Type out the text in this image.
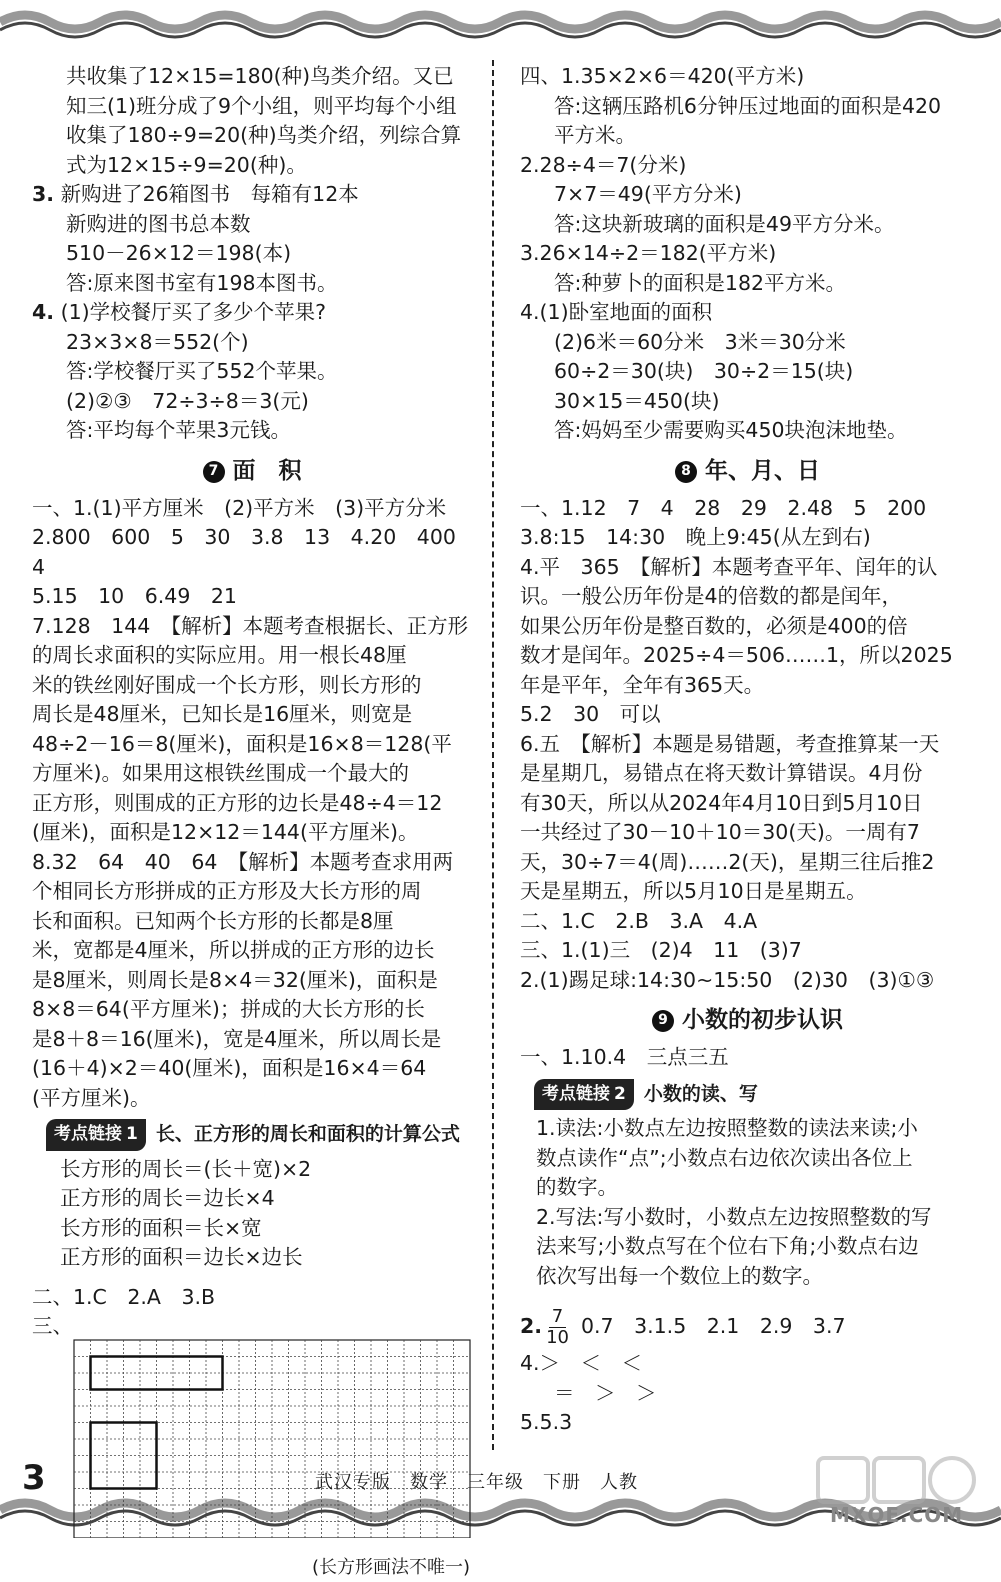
共收集了12×15=180(种)鸟类介绍。又已
知三(1)班分成了9个小组，则平均每个小组
收集了180÷9=20(种)鸟类介绍，列综合算
式为12×15÷9=20(种)。
3. 新购进了26箱图书　每箱有12本
新购进的图书总本数
510－26×12＝198(本)
答:原来图书室有198本图书。
4. (1)学校餐厅买了多少个苹果?
23×3×8＝552(个)
答:学校餐厅买了552个苹果。
(2)②③　72÷3÷8＝3(元)
答:平均每个苹果3元钱。
7 面　积
一、1.(1)平方厘米　(2)平方米　(3)平方分米
2.800　600　5　30　3.8　13　4.20　400　4
5.15　10　6.49　21
7.128　144　【解析】本题考查根据长、正方形
的周长求面积的实际应用。用一根长48厘
米的铁丝刚好围成一个长方形，则长方形的
周长是48厘米，已知长是16厘米，则宽是
48÷2－16＝8(厘米)，面积是16×8＝128(平
方厘米)。如果用这根铁丝围成一个最大的
正方形，则围成的正方形的边长是48÷4＝12
(厘米)，面积是12×12＝144(平方厘米)。
8.32　64　40　64　【解析】本题考查求用两
个相同长方形拼成的正方形及大长方形的周
长和面积。已知两个长方形的长都是8厘
米，宽都是4厘米，所以拼成的正方形的边长
是8厘米，则周长是8×4＝32(厘米)，面积是
8×8＝64(平方厘米)；拼成的大长方形的长
是8＋8＝16(厘米)，宽是4厘米，所以周长是
(16＋4)×2＝40(厘米)，面积是16×4＝64
(平方厘米)。
考点链接 1 长、正方形的周长和面积的计算公式
长方形的周长＝(长＋宽)×2
正方形的周长＝边长×4
长方形的面积＝长×宽
正方形的面积＝边长×边长
二、1.C　2.A　3.B
三、
(长方形画法不唯一)
四、1.35×2×6＝420(平方米)
答:这辆压路机6分钟压过地面的面积是420
平方米。
2.28÷4＝7(分米)
7×7＝49(平方分米)
答:这块新玻璃的面积是49平方分米。
3.26×14÷2＝182(平方米)
答:种萝卜的面积是182平方米。
4.(1)卧室地面的面积
(2)6米＝60分米　3米＝30分米
60÷2＝30(块)　30÷2＝15(块)
30×15＝450(块)
答:妈妈至少需要购买450块泡沫地垫。
8 年、月、日
一、1.12　7　4　28　29　2.48　5　200
3.8:15　14:30　晚上9:45(从左到右)
4.平　365　【解析】本题考查平年、闰年的认
识。一般公历年份是4的倍数的都是闰年，
如果公历年份是整百数的，必须是400的倍
数才是闰年。2025÷4＝506……1，所以2025
年是平年，全年有365天。
5.2　30　可以
6.五　【解析】本题是易错题，考查推算某一天
是星期几，易错点在将天数计算错误。4月份
有30天，所以从2024年4月10日到5月10日
一共经过了30－10＋10＝30(天)。一周有7
天，30÷7＝4(周)……2(天)，星期三往后推2
天是星期五，所以5月10日是星期五。
二、1.C　2.B　3.A　4.A
三、1.(1)三　(2)4　11　(3)7
2.(1)踢足球:14:30~15:50　(2)30　(3)①③
9 小数的初步认识
一、1.10.4　三点三五
考点链接 2 小数的读、写
1.读法:小数点左边按照整数的读法来读;小
数点读作“点”;小数点右边依次读出各位上
的数字。
2.写法:写小数时，小数点左边按照整数的写
法来写;小数点写在个位右下角;小数点右边
依次写出每一个数位上的数字。
2. $\frac{7}{10} 0.7$　3.1.5　2.1　2.9　3.7
4.＞　＜　＜
＝　＞　＞
5.5.3
3	武汉专版　数学　三年级　下册　人教
MXQE.COM
